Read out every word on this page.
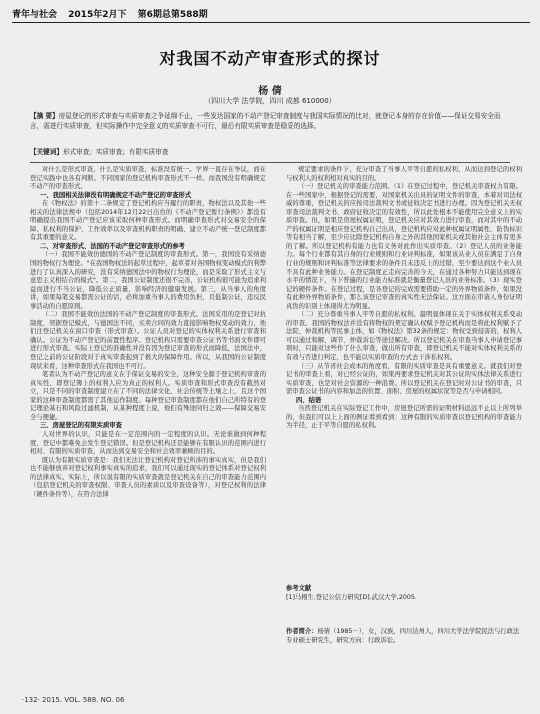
青年与社会 2015年2月下 第6期总第588期
对我国不动产审查形式的探讨
杨 倩
（四川大学 法学院，四川 成都 610000）
【摘 要】房屋登记的形式审查与实质审查之争延绵不止，一些发达国家的不动产登记审查制度与我国实际情况的比对，就登记本身的存在价值——保证交易安全而言，需进行实质审查，但实际操作中完全意义的实质审查不可行，最后有限实质审查是稳妥的选择。
【关键词】形式审查；实质审查；有限实质审查

对什么是形式审查，什么是实质审查，标准没有统一。学界一直存在争议，而在登记实践中也各有判断。不同国家的登记机构审查形式不一样。而我国没有明确规定不动产的审查形式。

一、我国相关法律没有明确规定不动产登记的审查形式

在《物权法》的第十二条规定了登记机构应当履行的职责，物权法以及其他一些相关的法律法规中（包括2014年12月22日出台的《不动产登记暂行条例》）都没有明确提出我国不动产登记应该采取何种审查形式。而明确审查形式对交易安全的保障、私权利的保护、工作效率以及审查机构职责的明确、建立不动产统一登记制度都有其重要的意义。

二、对审查形式、法国的不动产登记审查形式的参考

（一）我国不能效仿德国的不动产登记制度的审查形式。第一，我国没有采纳德国的物权行为理论。"在我国物权法的起草过程中，起草者对各国物权变动模式的利弊进行了认真深入的研究，没有采纳德国法中的物权行为理论，而是采取了形式主义与意思主义相结合的模式"。第二，我国公证制度还很不完善，公证机构很可能为追求利益而进行不当公证，降低公正质量，影响经济的健康发展。第三，从当事人的角度讲，如果每笔交易都需公证的话，必将加重当事人的费用负担，且低制公证，违反民事活动的自愿原则。

（二）我国不能效仿法国的不动产登记制度的审查形式。法国采用的是登记对抗制度，契据登记模式，与德国法不同，买卖合同的效力直接影响物权变动的效力，他们注登记机关在窗口审查（形式审查）。公证人员对登记的实体权利关系进行审查和确认。公证为不动产登记的前置性程序。登记机构只需要审查公证书等书面文件即可进行形式审查。实际上登记的准确性并没有因为登记审查的形式而降低，法国法中，登记之前的公证阶段对于真实审查起到了极大的保障作用。所以，从我国的公证制度现状来看，这种审查形式在我国也不可行。

笔者认为不动产登记的意义在于保证交易的安全，这种安全源于登记机构审查的真实性，即登记簿上的权利人应为真正的权利人。实质审查和形式审查没有截然对立，只是不同的审查制度建立在了不同的法律文化、社会传统等土壤之上，且这个国家的这种审查制度都需了其他运作制度。每种登记审查制度都在他们自己所特有的登记理论基石和风险过滤机制，从某种程度上说，他们有殊途同归之效——保障交易安全与便捷。

三、房屋登记的有限实质审查

人对世界的认识，只能是在一定范围内的一定程度的认识。无论谁做到何种程度，登记中都难免会发生登记错误。但是登记机构还是能够在有限认识的范围内进行相对、有限的实质审查，从而达到交易安全和社会效率兼顾的目的。

既认为有限实质审查是：我们无法让登记机构对登记所涉的事实真实，但是我们也不能够放弃对登记权利事实真实的追求，我们可以通过现实的登记体系对登记权利的法律真实。实际上，所以说有限的实质审查就是登记机关在自己的审查能力范围内（包括登记机关的审查权限、审查人员的素质以及审查设备等），对登记权利的法律（硬件条件等），在符合法律

规定要求的条件下，充分审查了当事人平等自愿的私权利，从而达到登记的权利与权利人的权利相对真实的目的。

（一）登记机关的审查能力范围。（1）在登记过程中，登记机关审查权力有限。在一些国家中，根据登记的需要，对国家机关出具的证明文件的审查，本着对司法权威的尊重，登记机关的应按司法裁判文书或征收决定书进行办理。因为登记机关无权审查司法裁判文书、政府征收决定的有效性，所以此处根本不能使用完全意义上的实质审查。但，如果是房屋权属证明，登记机关应对其效力进行审查，而对其中的不动产的权属证明是相应登记机构自己出具，登记机构应对此种权属证明属性、防伪标识等有相当了解，至少应比除登记机构自身之外的其他国家机关或其他社会主体有更多的了解。所以登记机构有能力也有义务对此作出实质审查。（2）登记人员的业务能力。每个行业都有其自身的行业规则和行业评判标准，如果该从业人员在满足了自身行业的规则和评判标准等法律要求的条件且未违反上的过错，至少要达到这个业人员不具有此种业务能力。在登记制度正走向完善的今天，在通过各种努力只能达到现在水平的情况下，当下普遍的行业能力标准就是衡量登记人员的业务标准。（3）现实登记的硬件条件。在登记过程，是各登记的完成需要借助一定的外界物质条件，如果没有此种外界物质条件，那么该登记审查的真实性无法保证。这方面在审请人身份证明真伪的识别上体现得尤为明显。

（二）充分尊重当事人平等自愿的私权利。最明显体现在关于实体权利关系变动的审查。我国的物权法并没有将物权的契定确认权赋予登记机构而是将此权利赋予了法院、仲裁机构等民事主体，如《物权法》第32条的规定：物权受到侵害的，权利人可以通过和解、调节、仲裁诉讼等途径解决。所以登记机关在审查当事人申请登记事项时，只能对这些作了什么审查，做出所有审查，即登记机关不能对实体权利关系的有效与否进行判定，也不能以实质审查的方式去干涉私权利。

（三）从节省社会成本的角度看，有限的实质审查是具有重要意义。就我们对登记书的审查上看，对已经公证的，如果再要求登记机关对其公证的实体法律关系进行实质审查，也是对社会资源的一种浪费。所以登记机关在登记时对公证书的审查，只需审查公证书的内容和加盖的位置、面积、房屋的权属状况等是否与申请相同。

四、结语

当然登记机关在实际登记工作中，房屋登记所需的证明材料远远不止以上所列举的，但我们可以上上面的例证看到看到：这种有限的实质审查以登记机构的审查能力为半径，止于平等自愿的私权利。

参考文献

[1]马栩生.登记公信力研究[D].武汉大学,2005.

作者简介：杨倩（1985－），女，汉族，四川达州人，四川大学法学院民法与行政法专业硕士研究生，研究方向：行政诉讼。
·132· 2015. VOL. 588. NO. 06
